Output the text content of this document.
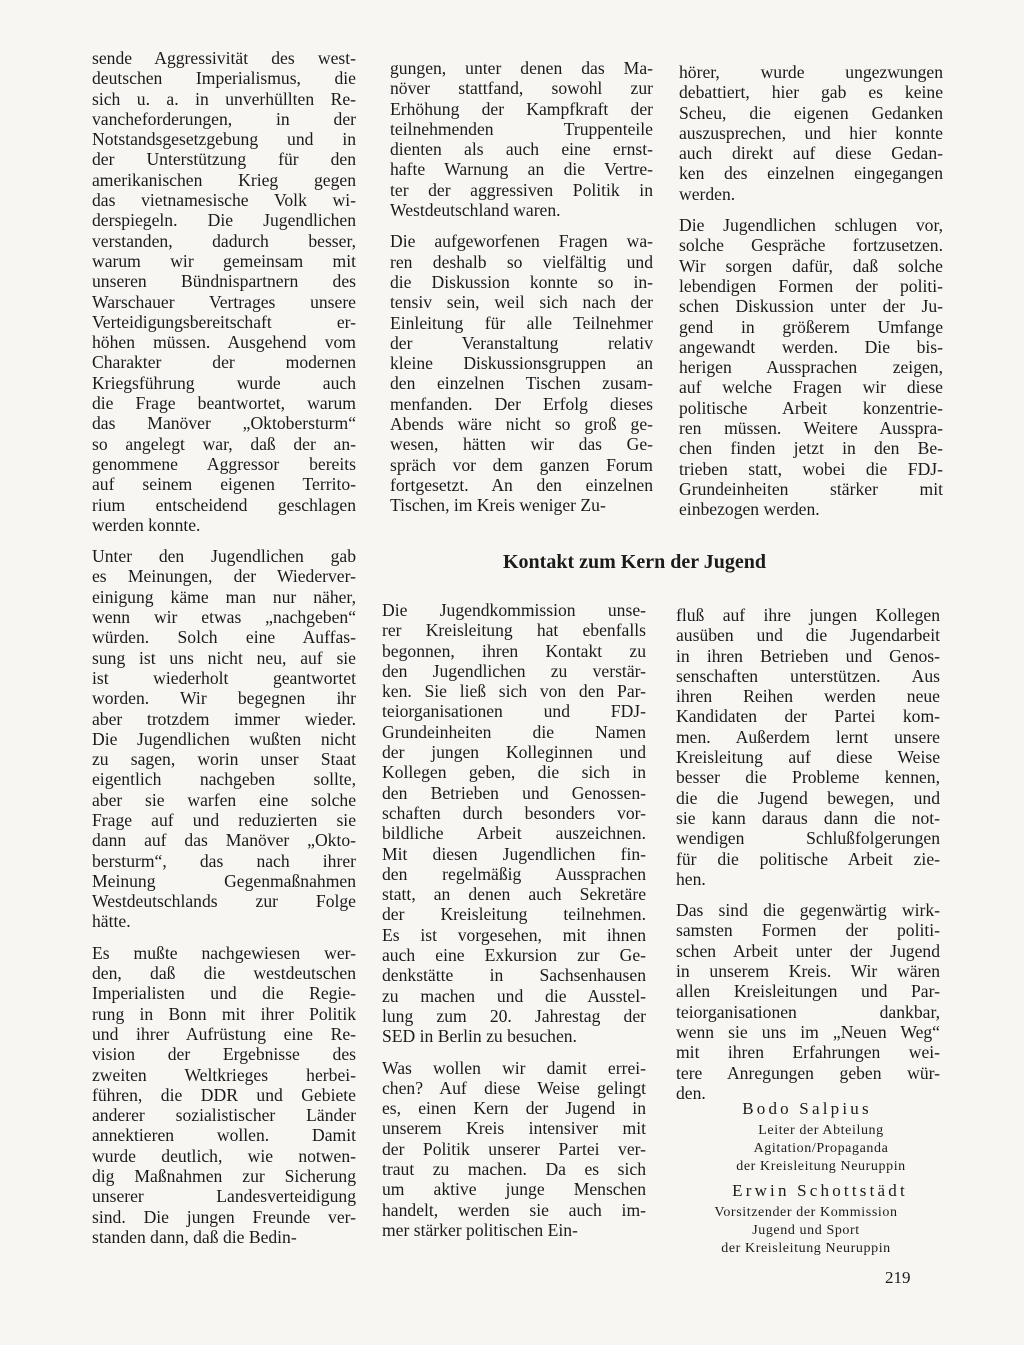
sende Aggressivität des west-
deutschen Imperialismus, die
sich u. a. in unverhüllten Re-
vancheforderungen, in der
Notstandsgesetzgebung und in
der Unterstützung für den
amerikanischen Krieg gegen
das vietnamesische Volk wi-
derspiegeln. Die Jugendlichen
verstanden, dadurch besser,
warum wir gemeinsam mit
unseren Bündnispartnern des
Warschauer Vertrages unsere
Verteidigungsbereitschaft er-
höhen müssen. Ausgehend vom
Charakter der modernen
Kriegsführung wurde auch
die Frage beantwortet, warum
das Manöver „Oktobersturm“
so angelegt war, daß der an-
genommene Aggressor bereits
auf seinem eigenen Territo-
rium entscheidend geschlagen
werden konnte.

Unter den Jugendlichen gab
es Meinungen, der Wiederver-
einigung käme man nur näher,
wenn wir etwas „nachgeben“
würden. Solch eine Auffas-
sung ist uns nicht neu, auf sie
ist wiederholt geantwortet
worden. Wir begegnen ihr
aber trotzdem immer wieder.
Die Jugendlichen wußten nicht
zu sagen, worin unser Staat
eigentlich nachgeben sollte,
aber sie warfen eine solche
Frage auf und reduzierten sie
dann auf das Manöver „Okto-
bersturm“, das nach ihrer
Meinung Gegenmaßnahmen
Westdeutschlands zur Folge
hätte.

Es mußte nachgewiesen wer-
den, daß die westdeutschen
Imperialisten und die Regie-
rung in Bonn mit ihrer Politik
und ihrer Aufrüstung eine Re-
vision der Ergebnisse des
zweiten Weltkrieges herbei-
führen, die DDR und Gebiete
anderer sozialistischer Länder
annektieren wollen. Damit
wurde deutlich, wie notwen-
dig Maßnahmen zur Sicherung
unserer Landesverteidigung
sind. Die jungen Freunde ver-
standen dann, daß die Bedin-

gungen, unter denen das Ma-
növer stattfand, sowohl zur
Erhöhung der Kampfkraft der
teilnehmenden Truppenteile
dienten als auch eine ernst-
hafte Warnung an die Vertre-
ter der aggressiven Politik in
Westdeutschland waren.

Die aufgeworfenen Fragen wa-
ren deshalb so vielfältig und
die Diskussion konnte so in-
tensiv sein, weil sich nach der
Einleitung für alle Teilnehmer
der Veranstaltung relativ
kleine Diskussionsgruppen an
den einzelnen Tischen zusam-
menfanden. Der Erfolg dieses
Abends wäre nicht so groß ge-
wesen, hätten wir das Ge-
spräch vor dem ganzen Forum
fortgesetzt. An den einzelnen
Tischen, im Kreis weniger Zu-

hörer, wurde ungezwungen
debattiert, hier gab es keine
Scheu, die eigenen Gedanken
auszusprechen, und hier konnte
auch direkt auf diese Gedan-
ken des einzelnen eingegangen
werden.

Die Jugendlichen schlugen vor,
solche Gespräche fortzusetzen.
Wir sorgen dafür, daß solche
lebendigen Formen der politi-
schen Diskussion unter der Ju-
gend in größerem Umfange
angewandt werden. Die bis-
herigen Aussprachen zeigen,
auf welche Fragen wir diese
politische Arbeit konzentrie-
ren müssen. Weitere Ausspra-
chen finden jetzt in den Be-
trieben statt, wobei die FDJ-
Grundeinheiten stärker mit
einbezogen werden.

Kontakt zum Kern der Jugend

Die Jugendkommission unse-
rer Kreisleitung hat ebenfalls
begonnen, ihren Kontakt zu
den Jugendlichen zu verstär-
ken. Sie ließ sich von den Par-
teiorganisationen und FDJ-
Grundeinheiten die Namen
der jungen Kolleginnen und
Kollegen geben, die sich in
den Betrieben und Genossen-
schaften durch besonders vor-
bildliche Arbeit auszeichnen.
Mit diesen Jugendlichen fin-
den regelmäßig Aussprachen
statt, an denen auch Sekretäre
der Kreisleitung teilnehmen.
Es ist vorgesehen, mit ihnen
auch eine Exkursion zur Ge-
denkstätte in Sachsenhausen
zu machen und die Ausstel-
lung zum 20. Jahrestag der
SED in Berlin zu besuchen.

Was wollen wir damit errei-
chen? Auf diese Weise gelingt
es, einen Kern der Jugend in
unserem Kreis intensiver mit
der Politik unserer Partei ver-
traut zu machen. Da es sich
um aktive junge Menschen
handelt, werden sie auch im-
mer stärker politischen Ein-

fluß auf ihre jungen Kollegen
ausüben und die Jugendarbeit
in ihren Betrieben und Genos-
senschaften unterstützen. Aus
ihren Reihen werden neue
Kandidaten der Partei kom-
men. Außerdem lernt unsere
Kreisleitung auf diese Weise
besser die Probleme kennen,
die die Jugend bewegen, und
sie kann daraus dann die not-
wendigen Schlußfolgerungen
für die politische Arbeit zie-
hen.

Das sind die gegenwärtig wirk-
samsten Formen der politi-
schen Arbeit unter der Jugend
in unserem Kreis. Wir wären
allen Kreisleitungen und Par-
teiorganisationen dankbar,
wenn sie uns im „Neuen Weg“
mit ihren Erfahrungen wei-
tere Anregungen geben wür-
den.

Bodo Salpius
Leiter der Abteilung
Agitation/Propaganda
der Kreisleitung Neuruppin
Erwin Schottstädt
Vorsitzender der Kommission
Jugend und Sport
der Kreisleitung Neuruppin
219
